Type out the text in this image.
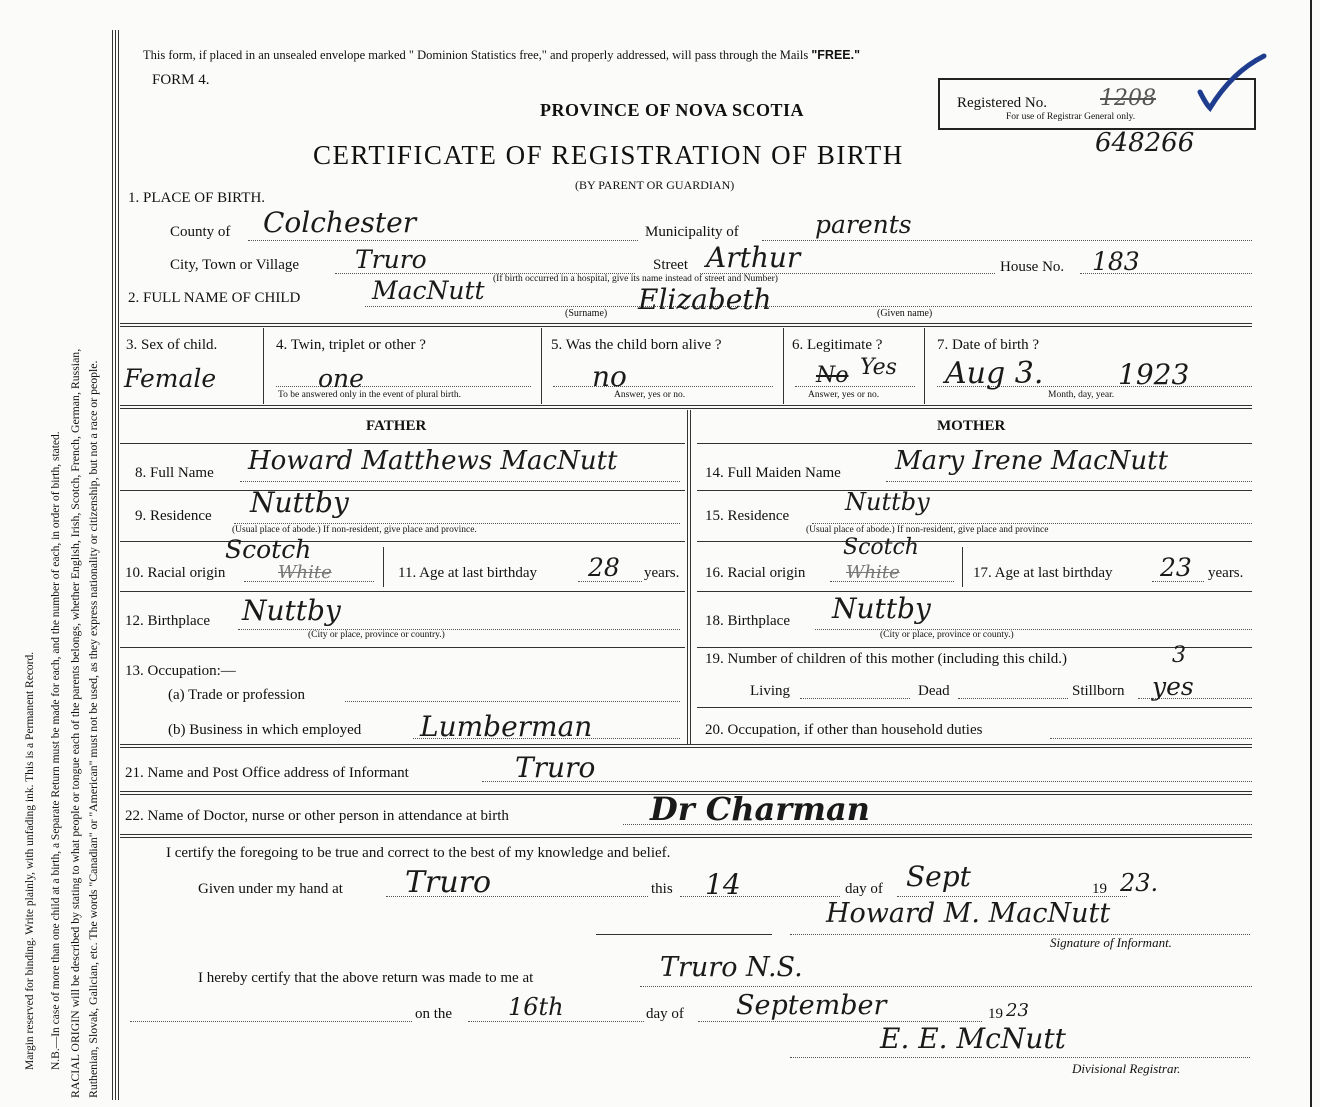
Margin reserved for binding. Write plainly, with unfading ink. This is a Permanent Record. N.B.—In case of more than one child at a birth, a Separate Return must be made for each, and the number of each, in order of birth, stated. RACIAL ORIGIN will be described by stating to what people or tongue each of the parents belongs, whether English, Irish, Scotch, French, German, Russian, Ruthenian, Slovak, Galician, etc. The words "Canadian" or "American" must not be used, as they express nationality or citizenship, but not a race or people.
This form, if placed in an unsealed envelope marked " Dominion Statistics free," and properly addressed, will pass through the Mails "FREE."
FORM 4.
PROVINCE OF NOVA SCOTIA
CERTIFICATE OF REGISTRATION OF BIRTH
(BY PARENT OR GUARDIAN)
Registered No.
For use of Registrar General only.
1208
648266
1. PLACE OF BIRTH.
County of Colchester	Municipality of	parents
City, Town or Village Truro	Street Arthur
(If birth occurred in a hospital, give its name instead of street and Number)
House No. 183
2. FULL NAME OF CHILD	MacNutt	Elizabeth
(Surname)	(Given name)
3. Sex of child.
Female
4. Twin, triplet or other ?
one
To be answered only in the event of plural birth.
5. Was the child born alive ?
no
Answer, yes or no.
6. Legitimate ?
No Yes
Answer, yes or no.
7. Date of birth ?
Aug 3.	1923
Month, day, year.
FATHER
8. Full Name Howard Matthews MacNutt
9. Residence Nuttby
(Usual place of abode.) If non-resident, give place and province.
10. Racial origin	White
Scotch
11. Age at last birthday 28 years.
12. Birthplace Nuttby
(City or place, province or country.)
13. Occupation:—
(a) Trade or profession
(b) Business in which employed Lumberman
MOTHER
14. Full Maiden Name Mary Irene MacNutt
15. Residence Nuttby
(Usual place of abode.) If non-resident, give place and province
16. Racial origin White
Scotch
17. Age at last birthday 23 years.
18. Birthplace Nuttby
(City or place, province or county.)
19. Number of children of this mother (including this child.)	3
Living	Dead	Stillborn yes
20. Occupation, if other than household duties
21. Name and Post Office address of Informant	Truro
22. Name of Doctor, nurse or other person in attendance at birth	Dr Charman
I certify the foregoing to be true and correct to the best of my knowledge and belief.
Given under my hand at Truro	this 14	day of Sept	19 23.
Howard M. MacNutt
Signature of Informant.
I hereby certify that the above return was made to me at	Truro N.S.
on the 16th	day of September	19 23
E. E. McNutt
Divisional Registrar.
